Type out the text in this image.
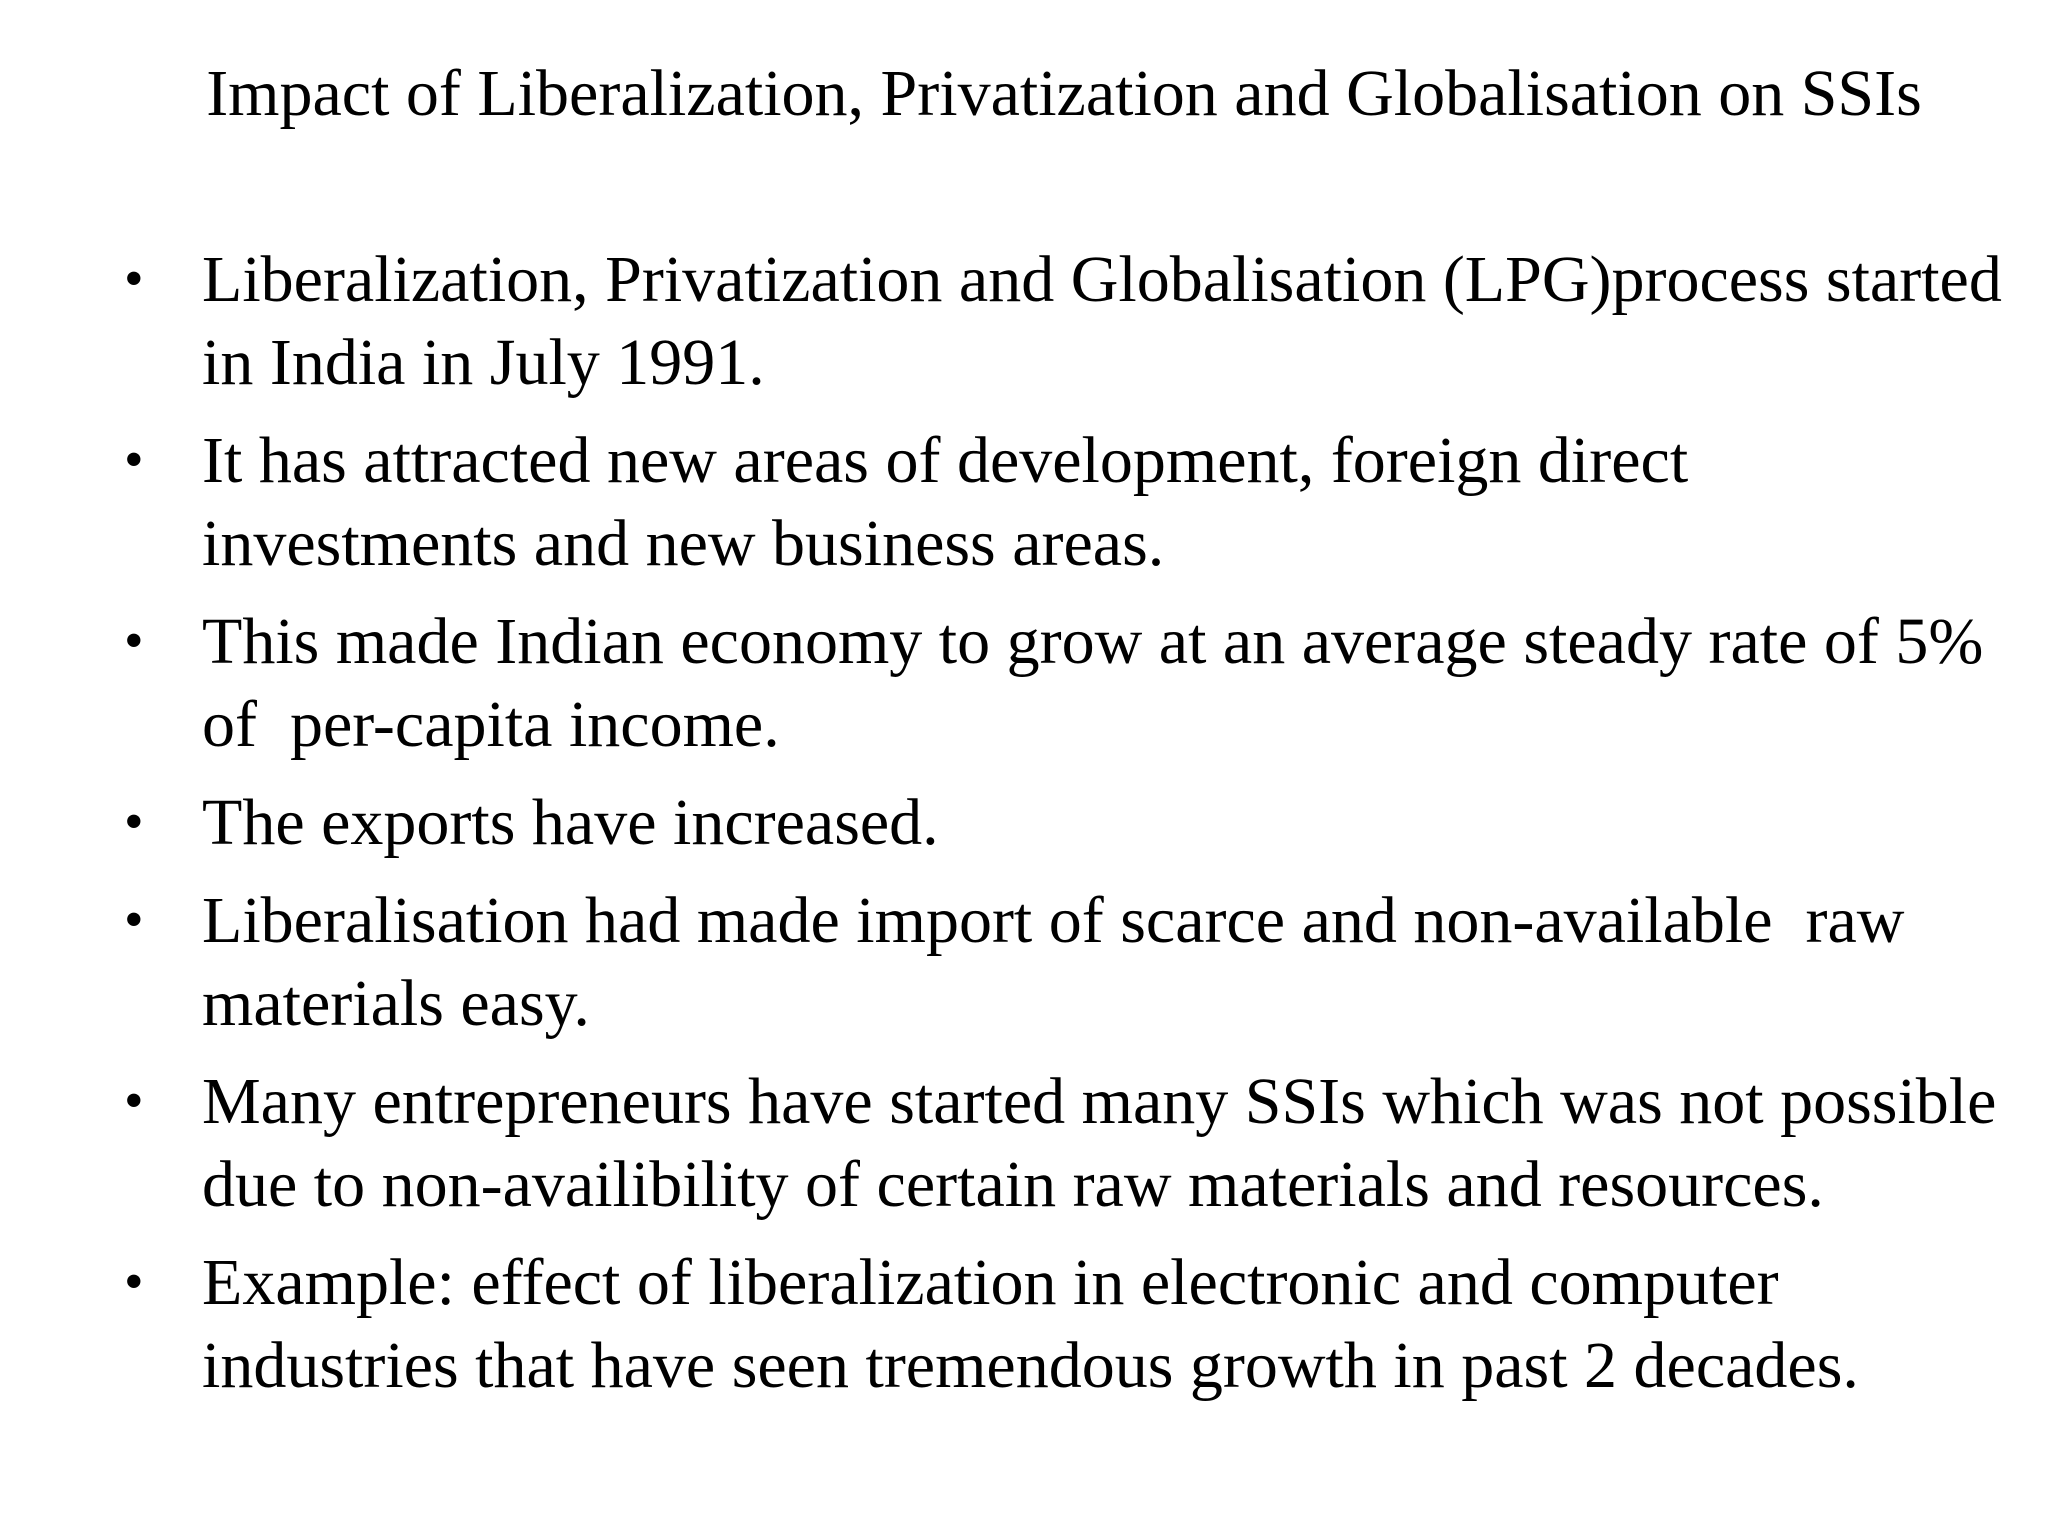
Impact of Liberalization, Privatization and Globalisation on SSIs
• Liberalization, Privatization and Globalisation (LPG)process started in India in July 1991.
• It has attracted new areas of development, foreign direct investments and new business areas.
• This made Indian economy to grow at an average steady rate of 5%  of  per-capita income.
• The exports have increased.
• Liberalisation had made import of scarce and non-available  raw materials easy.
• Many entrepreneurs have started many SSIs which was not possible due to non-availibility of certain raw materials and resources.
• Example: effect of liberalization in electronic and computer industries that have seen tremendous growth in past 2 decades.
